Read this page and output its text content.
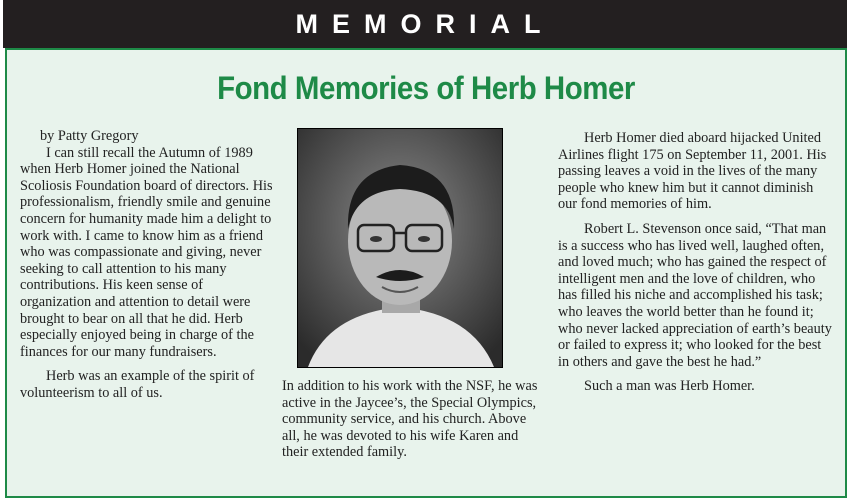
MEMORIAL
Fond Memories of Herb Homer

by Patty Gregory

I can still recall the Autumn of 1989 when Herb Homer joined the National Scoliosis Foundation board of directors. His professionalism, friendly smile and genuine concern for humanity made him a delight to work with. I came to know him as a friend who was compassionate and giving, never seeking to call attention to his many contributions. His keen sense of organization and attention to detail were brought to bear on all that he did. Herb especially enjoyed being in charge of the finances for our many fundraisers.

Herb was an example of the spirit of volunteerism to all of us.	In addition to his work with the NSF, he was active in the Jaycee’s, the Special Olympics, community service, and his church. Above all, he was devoted to his wife Karen and their extended family.

Herb Homer died aboard hijacked United Airlines flight 175 on September 11, 2001. His passing leaves a void in the lives of the many people who knew him but it cannot diminish our fond memories of him.

Robert L. Stevenson once said, “That man is a success who has lived well, laughed often, and loved much; who has gained the respect of intelligent men and the love of children, who has filled his niche and accomplished his task; who leaves the world better than he found it; who never lacked appreciation of earth’s beauty or failed to express it; who looked for the best in others and gave the best he had.”

Such a man was Herb Homer.
